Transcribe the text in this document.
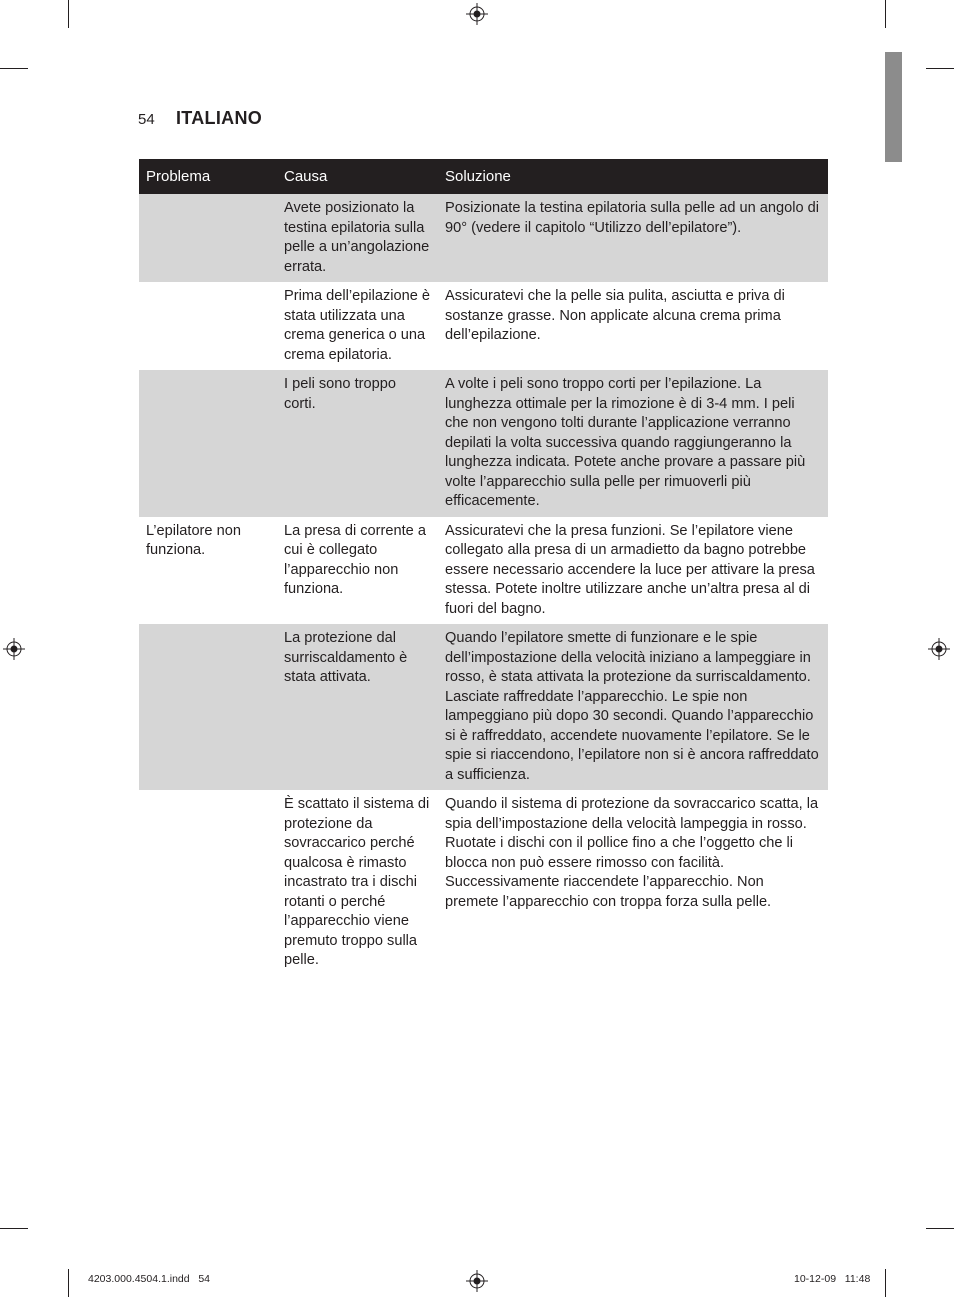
54 ITALIANO
Problema	Causa	Soluzione
	Avete posizionato la testina epilatoria sulla pelle a un’angolazione errata.	Posizionate la testina epilatoria sulla pelle ad un angolo di 90° (vedere il capitolo “Utilizzo dell’epilatore”).
	Prima dell’epilazione è stata utilizzata una crema generica o una crema epilatoria.	Assicuratevi che la pelle sia pulita, asciutta e priva di sostanze grasse. Non applicate alcuna crema prima dell’epilazione.
	I peli sono troppo corti.	A volte i peli sono troppo corti per l’epilazione. La lunghezza ottimale per la rimozione è di 3-4 mm. I peli che non vengono tolti durante l’applicazione verranno depilati la volta successiva quando raggiungeranno la lunghezza indicata. Potete anche provare a passare più volte l’apparecchio sulla pelle per rimuoverli più efficacemente.
L’epilatore non funziona.	La presa di corrente a cui è collegato l’apparecchio non funziona.	Assicuratevi che la presa funzioni. Se l’epilatore viene collegato alla presa di un armadietto da bagno potrebbe essere necessario accendere la luce per attivare la presa stessa. Potete inoltre utilizzare anche un’altra presa al di fuori del bagno.
	La protezione dal surriscaldamento è stata attivata.	Quando l’epilatore smette di funzionare e le spie dell’impostazione della velocità iniziano a lampeggiare in rosso, è stata attivata la protezione da surriscaldamento. Lasciate raffreddate l’apparecchio. Le spie non lampeggiano più dopo 30 secondi. Quando l’apparecchio si è raffreddato, accendete nuovamente l’epilatore. Se le spie si riaccendono, l’epilatore non si è ancora raffreddato a sufficienza.
	È scattato il sistema di protezione da sovraccarico perché qualcosa è rimasto incastrato tra i dischi rotanti o perché l’apparecchio viene premuto troppo sulla pelle.	Quando il sistema di protezione da sovraccarico scatta, la spia dell’impostazione della velocità lampeggia in rosso. Ruotate i dischi con il pollice fino a che l’oggetto che li blocca non può essere rimosso con facilità. Successivamente riaccendete l’apparecchio. Non premete l’apparecchio con troppa forza sulla pelle.
4203.000.4504.1.indd   54	10-12-09   11:48
